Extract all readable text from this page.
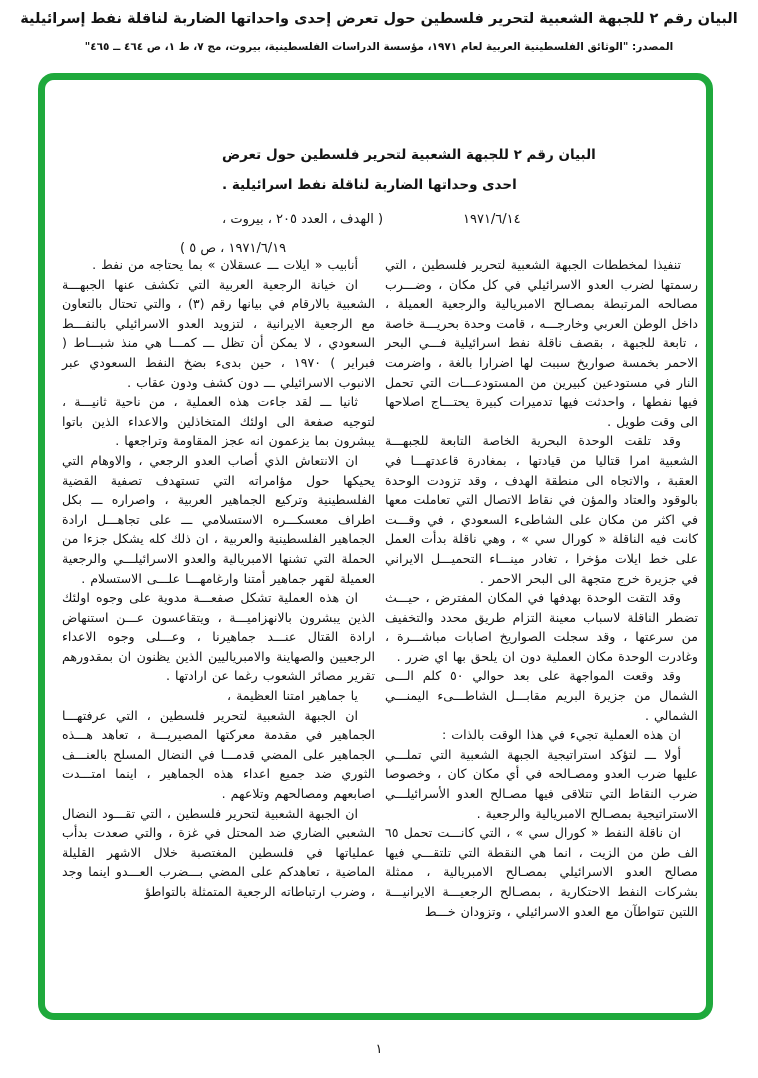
البيان رقم ٢ للجبهة الشعبية لتحرير فلسطين حول تعرض إحدى واحداتها الضاربة لناقلة نفط إسرائيلية
المصدر: "الوثائق الفلسطينية العربية لعام ١٩٧١، مؤسسة الدراسات الفلسطينية، بيروت، مج ٧، ط ١، ص ٤٦٤ ــ ٤٦٥"
البيان رقم ٢ للجبهة الشعبية لتحرير فلسطين حول تعرض
احدى وحداتها الضاربة لناقلة نفط اسرائيلية .
١٩٧١/٦/١٤
( الهدف ، العدد ٢٠٥ ، بيروت ،
١٩٧١/٦/١٩ ، ص ٥ )

تنفيذا لمخططات الجبهة الشعبية لتحرير فلسطين ، التي رسمتها لضرب العدو الاسرائيلي في كل مكان ، وضـــرب مصالحه المرتبطة بمصـالح الامبريالية والرجعية العميلة ، داخل الوطن العربي وخارجـــه ، قامت وحدة بحريـــة خاصة ، تابعة للجبهة ، بقصف ناقلة نفط اسرائيلية فـــي البحر الاحمر بخمسة صواريخ سببت لها اضرارا بالغة ، واضرمت النار في مستودعين كبيرين من المستودعـــات التي تحمل فيها نفطها ، واحدثت فيها تدميرات كبيرة يحتـــاج اصلاحها الى وقت طويل .

وقد تلقت الوحدة البحرية الخاصة التابعة للجبهـــة الشعبية امرا قتاليا من قيادتها ، بمغادرة قاعدتهـــا في العقبة ، والاتجاه الى منطقة الهدف ، وقد تزودت الوحدة بالوقود والعتاد والمؤن في نقاط الاتصال التي تعاملت معها في اكثر من مكان على الشاطىء السعودي ، في وقـــت كانت فيه الناقلة « كورال سي » ، وهي ناقلة بدأت العمل على خط ايلات مؤخرا ، تغادر مينـــاء التحميـــل الايراني في جزيرة خرج متجهة الى البحر الاحمر .

وقد التقت الوحدة بهدفها في المكان المفترض ، حيـــث تضطر الناقلة لاسباب معينة التزام طريق محدد والتخفيف من سرعتها ، وقد سجلت الصواريخ اصابات مباشـــرة ، وغادرت الوحدة مكان العملية دون ان يلحق بها اي ضرر .

وقد وقعت المواجهة على بعد حوالي ٥٠ كلم الـــى الشمال من جزيرة البريم مقابـــل الشاطـــىء اليمنـــي الشمالي .

ان هذه العملية تجيء في هذا الوقت بالذات :

أولا ـــ لتؤكد استراتيجية الجبهة الشعبية التي تملـــي عليها ضرب العدو ومصـالحه في أي مكان كان ، وخصوصا ضرب النقاط التي تتلاقى فيها مصـالح العدو الأسرائيلـــي الاستراتيجية بمصـالح الامبريالية والرجعية .

ان ناقلة النفط « كورال سي » ، التي كانـــت تحمل ٦٥ الف طن من الزيت ، انما هي النقطة التي تلتقـــي فيها مصالح العدو الاسرائيلي بمصـالح الامبريالية ، ممثلة بشركات النفط الاحتكارية ، بمصـالح الرجعيـــة الايرانيـــة اللتين تتواطآن مع العدو الاسرائيلي ، وتزودان خـــط

أنابيب « ايلات ـــ عسقلان » بما يحتاجه من نفط .

ان خيانة الرجعية العربية التي تكشف عنها الجبهـــة الشعبية بالارقام في بيانها رقم (٣) ، والتي تحتال بالتعاون مع الرجعية الايرانية ، لتزويد العدو الاسرائيلي بالنفـــط السعودي ، لا يمكن أن تظل ـــ كمـــا هي منذ شبـــاط ( فبراير ) ١٩٧٠ ، حين بدىء بضخ النفط السعودي عبر الانبوب الاسرائيلي ـــ دون كشف ودون عقاب .

ثانيا ـــ لقد جاءت هذه العملية ، من ناحية ثانيـــة ، لتوجيه صفعة الى اولئك المتخاذلين والاعداء الذين باتوا يبشرون بما يزعمون انه عجز المقاومة وتراجعها .

ان الانتعاش الذي أصاب العدو الرجعي ، والاوهام التي يحيكها حول مؤامراته التي تستهدف تصفية القضية الفلسطينية وتركيع الجماهير العربية ، واصراره ـــ بكل اطراف معسكـــره الاستسلامي ـــ على تجاهـــل ارادة الجماهير الفلسطينية والعربية ، ان ذلك كله يشكل جزءا من الحملة التي تشنها الامبريالية والعدو الاسرائيلـــي والرجعية العميلة لقهر جماهير أمتنا وارغامهـــا علـــى الاستسلام .

ان هذه العملية تشكل صفعـــة مدوية على وجوه اولئك الذين يبشرون بالانهزاميـــة ، ويتقاعسون عـــن استنهاض ارادة القتال عنـــد جماهيرنا ، وعـــلى وجوه الاعداء الرجعيين والصهاينة والامبرياليين الذين يظنون ان بمقدورهم تقرير مصائر الشعوب رغما عن ارادتها .

يا جماهير امتنا العظيمة ،

ان الجبهة الشعبية لتحرير فلسطين ، التي عرفتهـــا الجماهير في مقدمة معركتها المصيريـــة ، تعاهد هـــذه الجماهير على المضي قدمـــا في النضال المسلح بالعنـــف الثوري ضد جميع اعداء هذه الجماهير ، اينما امتـــدت اصابعهم ومصالحهم وتلاعهم .

ان الجبهة الشعبية لتحرير فلسطين ، التي تقـــود النضال الشعبي الضاري ضد المحتل في غزة ، والتي صعدت بدأب عملياتها في فلسطين المغتصبة خلال الاشهر القليلة الماضية ، تعاهدكم على المضي بـــضرب العـــدو اينما وجد ، وضرب ارتباطاته الرجعية المتمثلة بالتواطؤ

١
